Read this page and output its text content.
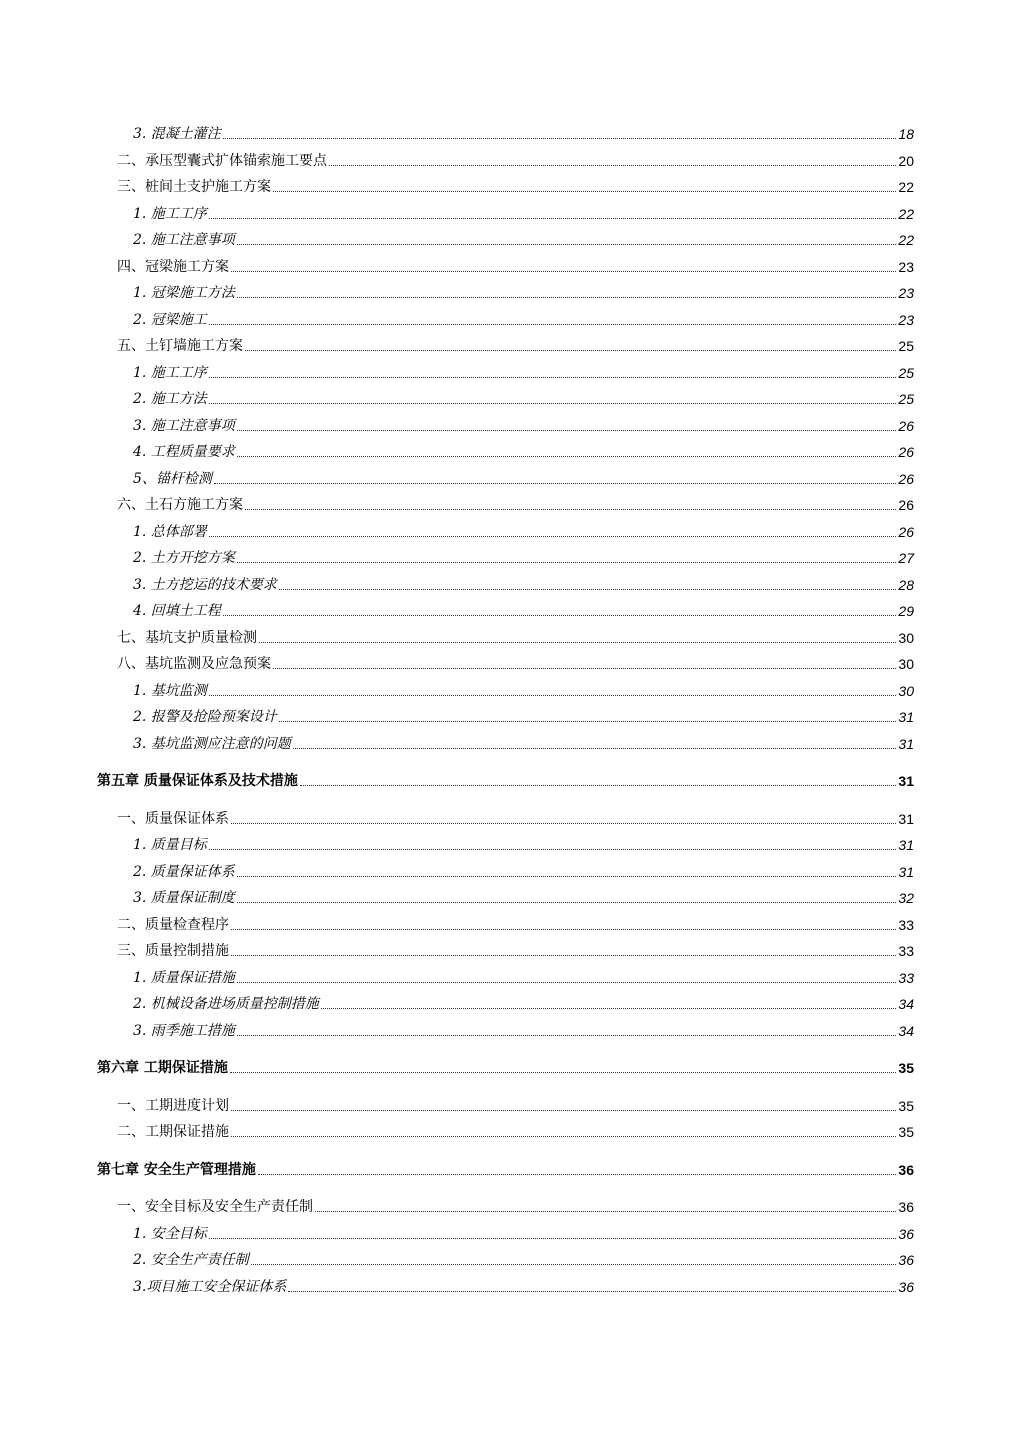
3. 混凝土灌注	18
二、承压型囊式扩体锚索施工要点	20
三、桩间土支护施工方案	22
1. 施工工序	22
2. 施工注意事项	22
四、冠梁施工方案	23
1. 冠梁施工方法	23
2. 冠梁施工	23
五、土钉墙施工方案	25
1. 施工工序	25
2. 施工方法	25
3. 施工注意事项	26
4. 工程质量要求	26
5、锚杆检测	26
六、土石方施工方案	26
1. 总体部署	26
2. 土方开挖方案	27
3. 土方挖运的技术要求	28
4. 回填土工程	29
七、基坑支护质量检测	30
八、基坑监测及应急预案	30
1. 基坑监测	30
2. 报警及抢险预案设计	31
3. 基坑监测应注意的问题	31
第五章 质量保证体系及技术措施	31
一、质量保证体系	31
1. 质量目标	31
2. 质量保证体系	31
3. 质量保证制度	32
二、质量检查程序	33
三、质量控制措施	33
1. 质量保证措施	33
2. 机械设备进场质量控制措施	34
3. 雨季施工措施	34
第六章 工期保证措施	35
一、工期进度计划	35
二、工期保证措施	35
第七章 安全生产管理措施	36
一、安全目标及安全生产责任制	36
1. 安全目标	36
2. 安全生产责任制	36
3.项目施工安全保证体系	36
